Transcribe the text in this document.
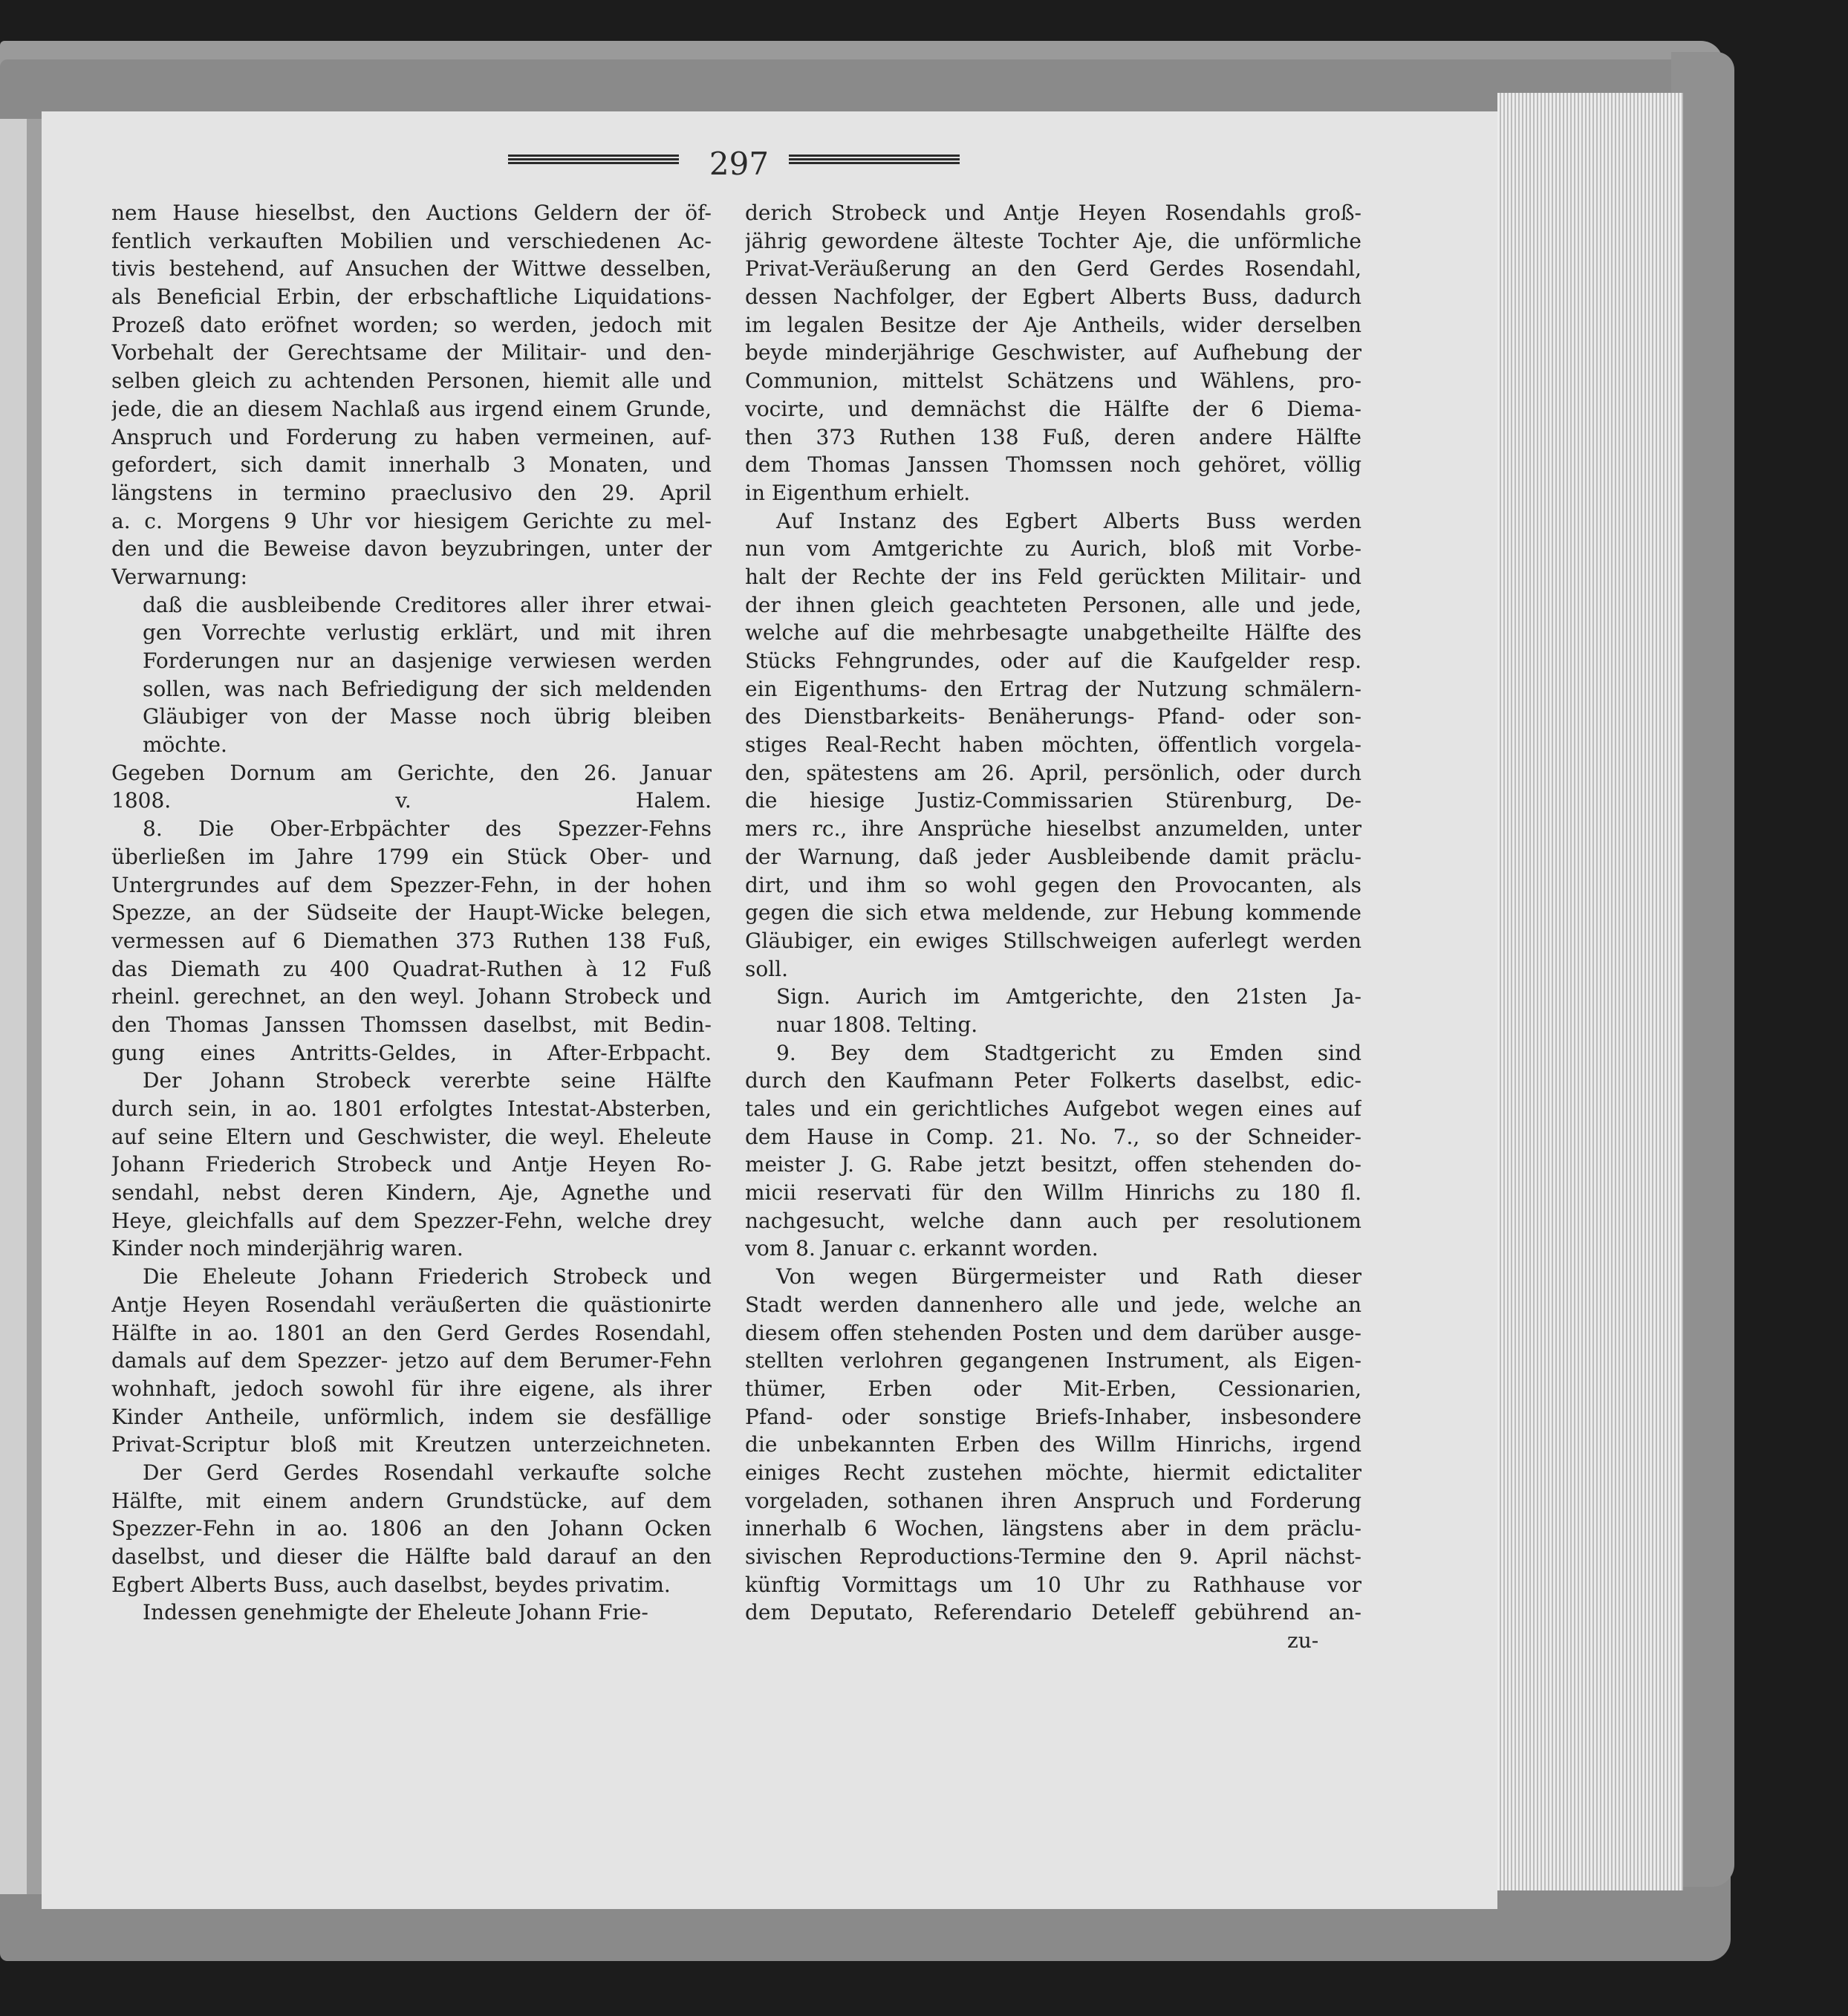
297
nem Hause hieselbst, den Auctions Geldern der öf-
fentlich verkauften Mobilien und verschiedenen Ac-
tivis bestehend, auf Ansuchen der Wittwe desselben,
als Beneficial Erbin, der erbschaftliche Liquidations-
Prozeß dato eröfnet worden; so werden, jedoch mit
Vorbehalt der Gerechtsame der Militair- und den-
selben gleich zu achtenden Personen, hiemit alle und
jede, die an diesem Nachlaß aus irgend einem Grunde,
Anspruch und Forderung zu haben vermeinen, auf-
gefordert, sich damit innerhalb 3 Monaten, und
längstens in termino praeclusivo den 29. April
a. c. Morgens 9 Uhr vor hiesigem Gerichte zu mel-
den und die Beweise davon beyzubringen, unter der
Verwarnung:
daß die ausbleibende Creditores aller ihrer etwai-
gen Vorrechte verlustig erklärt, und mit ihren
Forderungen nur an dasjenige verwiesen werden
sollen, was nach Befriedigung der sich meldenden
Gläubiger von der Masse noch übrig bleiben
möchte.
Gegeben Dornum am Gerichte, den 26. Januar
1808. v. Halem.
8. Die Ober-Erbpächter des Spezzer-Fehns
überließen im Jahre 1799 ein Stück Ober- und
Untergrundes auf dem Spezzer-Fehn, in der hohen
Spezze, an der Südseite der Haupt-Wicke belegen,
vermessen auf 6 Diemathen 373 Ruthen 138 Fuß,
das Diemath zu 400 Quadrat-Ruthen à 12 Fuß
rheinl. gerechnet, an den weyl. Johann Strobeck und
den Thomas Janssen Thomssen daselbst, mit Bedin-
gung eines Antritts-Geldes, in After-Erbpacht.
Der Johann Strobeck vererbte seine Hälfte
durch sein, in ao. 1801 erfolgtes Intestat-Absterben,
auf seine Eltern und Geschwister, die weyl. Eheleute
Johann Friederich Strobeck und Antje Heyen Ro-
sendahl, nebst deren Kindern, Aje, Agnethe und
Heye, gleichfalls auf dem Spezzer-Fehn, welche drey
Kinder noch minderjährig waren.
Die Eheleute Johann Friederich Strobeck und
Antje Heyen Rosendahl veräußerten die quästionirte
Hälfte in ao. 1801 an den Gerd Gerdes Rosendahl,
damals auf dem Spezzer- jetzo auf dem Berumer-Fehn
wohnhaft, jedoch sowohl für ihre eigene, als ihrer
Kinder Antheile, unförmlich, indem sie desfällige
Privat-Scriptur bloß mit Kreutzen unterzeichneten.
Der Gerd Gerdes Rosendahl verkaufte solche
Hälfte, mit einem andern Grundstücke, auf dem
Spezzer-Fehn in ao. 1806 an den Johann Ocken
daselbst, und dieser die Hälfte bald darauf an den
Egbert Alberts Buss, auch daselbst, beydes privatim.
Indessen genehmigte der Eheleute Johann Frie-
derich Strobeck und Antje Heyen Rosendahls groß-
jährig gewordene älteste Tochter Aje, die unförmliche
Privat-Veräußerung an den Gerd Gerdes Rosendahl,
dessen Nachfolger, der Egbert Alberts Buss, dadurch
im legalen Besitze der Aje Antheils, wider derselben
beyde minderjährige Geschwister, auf Aufhebung der
Communion, mittelst Schätzens und Wählens, pro-
vocirte, und demnächst die Hälfte der 6 Diema-
then 373 Ruthen 138 Fuß, deren andere Hälfte
dem Thomas Janssen Thomssen noch gehöret, völlig
in Eigenthum erhielt.
Auf Instanz des Egbert Alberts Buss werden
nun vom Amtgerichte zu Aurich, bloß mit Vorbe-
halt der Rechte der ins Feld gerückten Militair- und
der ihnen gleich geachteten Personen, alle und jede,
welche auf die mehrbesagte unabgetheilte Hälfte des
Stücks Fehngrundes, oder auf die Kaufgelder resp.
ein Eigenthums- den Ertrag der Nutzung schmälern-
des Dienstbarkeits- Benäherungs- Pfand- oder son-
stiges Real-Recht haben möchten, öffentlich vorgela-
den, spätestens am 26. April, persönlich, oder durch
die hiesige Justiz-Commissarien Stürenburg, De-
mers rc., ihre Ansprüche hieselbst anzumelden, unter
der Warnung, daß jeder Ausbleibende damit präclu-
dirt, und ihm so wohl gegen den Provocanten, als
gegen die sich etwa meldende, zur Hebung kommende
Gläubiger, ein ewiges Stillschweigen auferlegt werden
soll.
Sign. Aurich im Amtgerichte, den 21sten Ja-
nuar 1808. Telting.
9. Bey dem Stadtgericht zu Emden sind
durch den Kaufmann Peter Folkerts daselbst, edic-
tales und ein gerichtliches Aufgebot wegen eines auf
dem Hause in Comp. 21. No. 7., so der Schneider-
meister J. G. Rabe jetzt besitzt, offen stehenden do-
micii reservati für den Willm Hinrichs zu 180 fl.
nachgesucht, welche dann auch per resolutionem
vom 8. Januar c. erkannt worden.
Von wegen Bürgermeister und Rath dieser
Stadt werden dannenhero alle und jede, welche an
diesem offen stehenden Posten und dem darüber ausge-
stellten verlohren gegangenen Instrument, als Eigen-
thümer, Erben oder Mit-Erben, Cessionarien,
Pfand- oder sonstige Briefs-Inhaber, insbesondere
die unbekannten Erben des Willm Hinrichs, irgend
einiges Recht zustehen möchte, hiermit edictaliter
vorgeladen, sothanen ihren Anspruch und Forderung
innerhalb 6 Wochen, längstens aber in dem präclu-
sivischen Reproductions-Termine den 9. April nächst-
künftig Vormittags um 10 Uhr zu Rathhause vor
dem Deputato, Referendario Deteleff gebührend an-
zu-
